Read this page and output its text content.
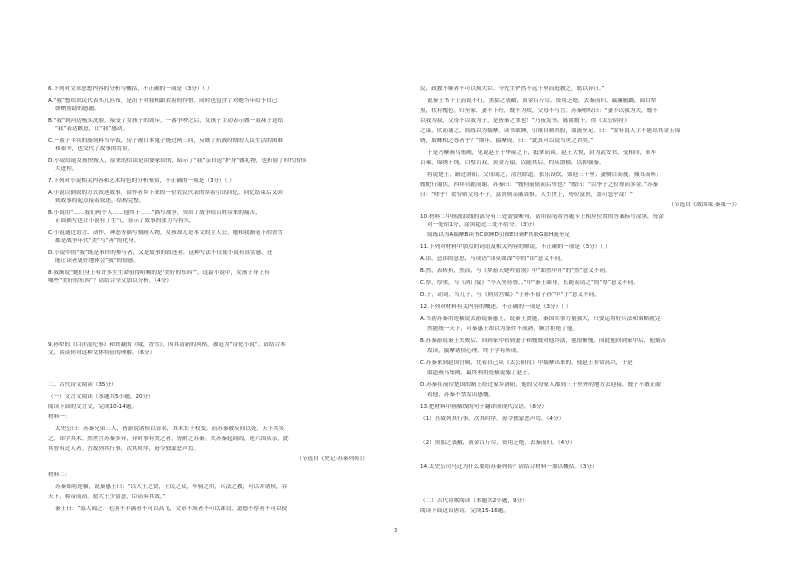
6.下列对文章思想内容的分析与概括，不正确的一项是（3分）（ ）

A.“我”想给农民代表买几匹布，是出于对我相跟农着的怜惜，同时也包含了对她当年给予自己

馈赠帮助的感激。

B.“我”到河边梳头洗脸，接受了女孩子的训斥，一番争吵之后，女孩子主动表示做一双袜子送给

“我”表达歉意，让“我”感动。

C.一篮子卡宾的肠饲料当早饭，房子被日本鬼子烧过两三回，反映了抗战时期的人民生活的困难

和艰辛，也交代了故事的背景。

D.小说结尾女孩快嫁人，原来的信由是由婆家给的，暗示了“我”亲自送“护身”做礼物，也折射了时代的伟

大进程。

7.下列对小说相关内容和艺术特色的分析鉴赏，不正确的一项是（3分）（ ）

A.小说以倒叙的方式叙述故事，由作者乡下来的一位农民代表的穿着引出回忆，回忆结束后又回

到故事的起点接着叙述，结构完整。

B.小说用“……我们两个人……他终于……”描写战争，突出了战争给百姓带来的痛苦，

正面描写也让小说有了生气，显示了故事的张力与持久。

C.小说通过语言、动作、神态等描写刻画人物，女孩却儿是本文的主人公，她和我渐笔下的香雪

都是战争年代“美”与“善”的化身。

D.小说中的“我”既是事件的参与者，又是故事的叙述者，这种写法不仅使小说有真实感，还

能让读者更好地体会“我”的情感。

8.我渐说“她们身上有许多生生命值得咀嚼的是‘美好的东西’”。这篇小说中，女孩子身上有

哪些“美好的东西”？请结合全文加以分析。（4分）

9.孙犁的《白洋淀纪事》和铁凝的《哦，香雪》，因其清新的风格，被冠为“诗化小说”。请结合本

文，谈谈你对这种文体特征的理解。（6分）

二、古代诗文阅读（35分）

（一）文言文阅读（本题共5小题，20分）

阅读下面的文言文，完成10-14题。

材料一：

太史公曰：苏秦兄弟三人，皆游说诸侯以显名，其术长于权变。而苏秦被反间以死，天下共笑

之，讳学其术。然世言苏秦多异，异时事有类之者，皆附之苏秦。夫苏秦起闾阎，连六国从亲，此

其智有过人者。吾故列其行事，次其时序，毋令独蒙恶声焉。

（节选自《史记·苏秦列传》）

材料二：

苏秦始将连横，说秦惠王曰：“以大王之贤，士民之众，车骑之用，兵法之教，可以并诸侯，吞

天下，称帝而治。愿大王少留意，臣请奏其效。”

秦王曰：“寡人闻之：毛羽不丰满者不可以高飞，文章不成者不可以诛罚，道德不厚者不可以使

民，政教不顺者不可以烦大臣。今先生俨然不远千里而庭教之，愿以异日。”

说秦王书十上而说不行，黑貂之裘敝，黄金百斤尽，资用乏绝，去秦而归。羸縢履蹻，面目犁

黑，状有愧色。归至家，妻不下纴，嫂不为炊，父母不与言。苏秦喟叹曰：“妻不以我为夫，嫂不

以我为叔，父母不以我为子，是皆秦之罪也！”乃夜发书，陈箧数十，得《太公阴符》

之谋，伏而诵之，简练以为揣摩。读书欲睡，引锥自刺其股，血流至足。曰：“安有说人主不能出其金玉锦

绣，取卿相之尊者乎？”期年，揣摩成，曰：“此真可以说当世之君矣。”

于是乃摩燕乌集阙，见说赵王于华屋之下，抵掌而谈。赵王大悦，封为武安君，受相印，革车

百乘，锦绣千纯，白璧百双，黄金万镒，以随其后，约从散横，以抑强秦。

将说楚王，路过洛阳，父母闻之，清宫除道，张乐设饮，郊迎三十里；妻侧目而视，倾耳而听；

嫂蛇行匍伏，四拜自跪而谢。苏秦曰：“嫂何前倨而后卑也？”嫂曰：“以季子之位尊而多金。”苏秦

曰：“嗟乎！贫穷则父母不子，富贵则亲戚畏惧。人生世上，势位富贵，盖可忽乎哉！”

（节选自《战国策·秦策一》）

10.材料二中画波浪线的部分有三处需要断句，请用铅笔将答题卡上相应位置的答案标号涂黑，每涂

对一处给1分，涂黑超过三处不给分。（3分）

简练以为A揣摩B读书C欲睡D引锥E自刺F其股G血H流至足

11.下列对材料中加点的词语及相关内容的解说，不正确的一项是（3分）（ ）

A.讳，忌讳的意思，与成语“讳莫如深”中的“讳”意义不同。

B.然，表转折，然而，与《梦游天姥吟留别》中“如然中开”的“然”意义不同。

C.厚，厚重，与《鸿门宴》“今入坐待尊。。”中“秦王曲身，长跪而请之”的“厚”意义不同。

D.子，动词，当儿子，与《阿房宫赋》“子孙不留子孙”中“子”意义不同。

12.下列对材料有关内容的概述，不正确的一项是（3分）（ ）

A.当初苏秦用连横说去游说秦惠王，说秦王贤能，秦国军事力量强大，只要运用好兵法和策略就完

然能统一天下，可秦惠王却以为条件不成熟，婉言拒绝了他。

B.苏秦游说秦王失败后，回到家中看到妻子和嫂嫂对他冷淡，他很惭愧，因此他回到家中后，他刻苦

攻读，揣摩诸侯心理，终于学有所成。

C.苏秦来到赵国宫殿，凭着自己从《太公阴符》中揣摩出来的，使赵王非常高兴，于是

取道燕乌集阙，最终利用连横说服了赵王。

D.苏秦在前往楚国的路上经过家乡洛阳，他的父母家人都到三十里外的地方去迎接，嫂子不敢正眼

看他，苏秦不禁发出感慨。

13.把材料中画横线的句子翻译成现代汉语。（8分）

（1）吾故列其行事，次其时序，毋令独蒙恶声焉。（4分）

（2）黑貂之裘敝，黄金百斤尽，资用乏绝，去秦而归。（4分）

14.太史公司马迁为什么要给苏秦列传？请结合材料一加以概括。（3分）

（二）古代诗歌阅读（本题共2小题，9分）

阅读下面这首唐诗，完成15-16题。

3
